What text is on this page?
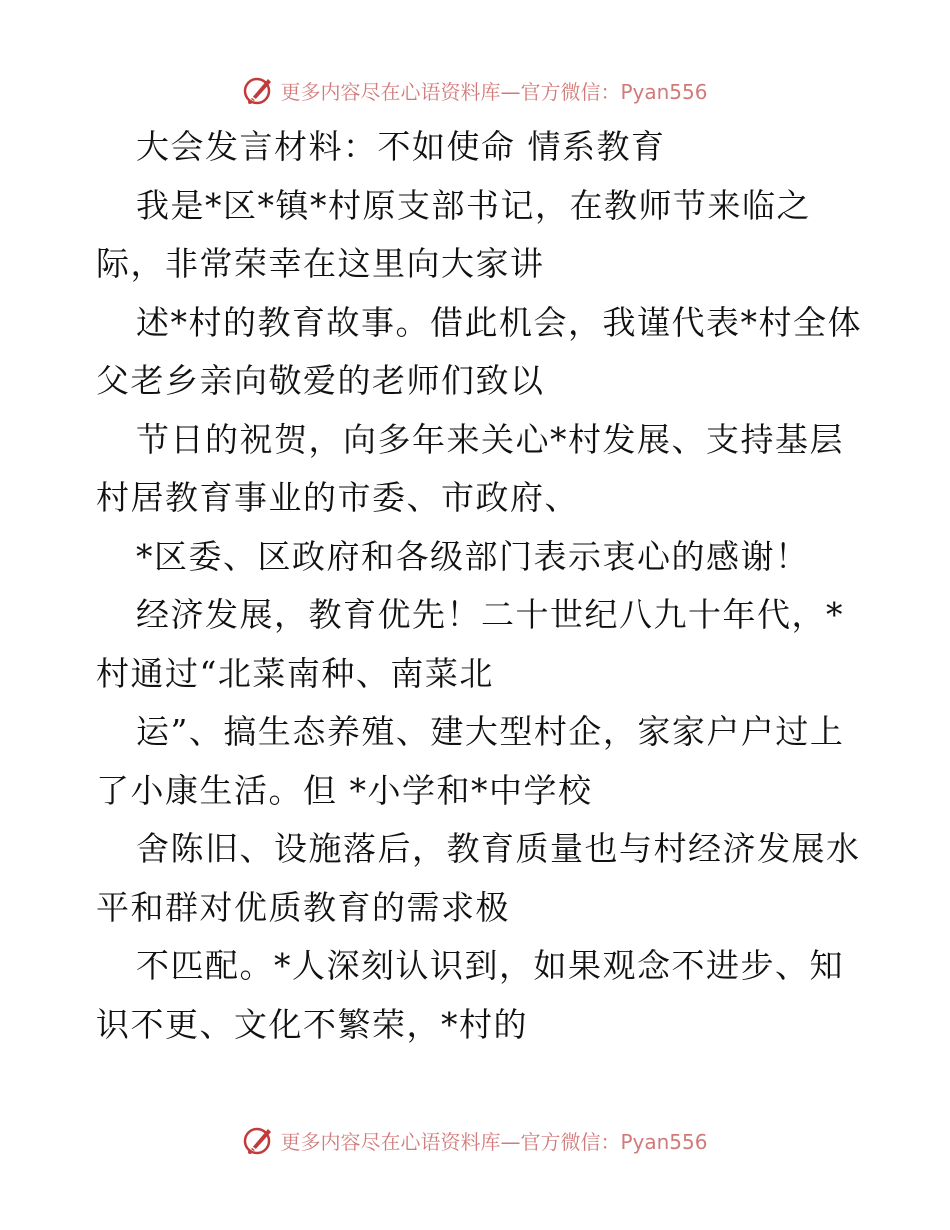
更多内容尽在心语资料库—官方微信：Pyan556
大会发言材料：不如使命 情系教育
我是*区*镇*村原支部书记，在教师节来临之
际，非常荣幸在这里向大家讲
述*村的教育故事。借此机会，我谨代表*村全体
父老乡亲向敬爱的老师们致以
节日的祝贺，向多年来关心*村发展、支持基层
村居教育事业的市委、市政府、
*区委、区政府和各级部门表示衷心的感谢！
经济发展，教育优先！二十世纪八九十年代，*
村通过“北菜南种、南菜北
运”、搞生态养殖、建大型村企，家家户户过上
了小康生活。但 *小学和*中学校
舍陈旧、设施落后，教育质量也与村经济发展水
平和群对优质教育的需求极
不匹配。*人深刻认识到，如果观念不进步、知
识不更、文化不繁荣，*村的
更多内容尽在心语资料库—官方微信：Pyan556
